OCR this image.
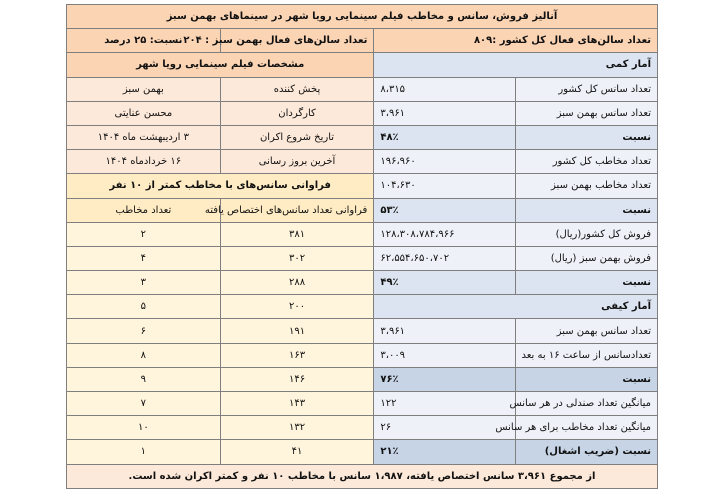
آنالیز فروش، سانس و مخاطب فیلم سینمایی رویا شهر در سینماهای بهمن سبز			
تعداد سالن‌های فعال کل کشور :۸۰۹		تعداد سالن‌های فعال بهمن سبز : ۲۰۴	نسبت: ۲۵ درصد
آمار کمی		مشخصات فیلم سینمایی رویا شهر	
تعداد سانس کل کشور	۸،۳۱۵	پخش کننده	بهمن سبز
تعداد سانس بهمن سبز	۳،۹۶۱	کارگردان	محسن عنایتی
نسبت	۴۸٪	تاریخ شروع اکران	۳ اردیبهشت ماه ۱۴۰۴
تعداد مخاطب کل کشور	۱۹۶،۹۶۰	آخرین بروز رسانی	۱۶ خردادماه ۱۴۰۴
تعداد مخاطب بهمن سبز	۱۰۴،۶۳۰	فراوانی سانس‌های با مخاطب کمتر از ۱۰ نفر	
نسبت	۵۳٪	فراوانی تعداد سانس‌های اختصاص یافته	تعداد مخاطب
فروش کل کشور(ریال)	۱۲۸،۳۰۸،۷۸۴،۹۶۶	۳۸۱	۲
فروش بهمن سبز (ریال)	۶۲،۵۵۴،۶۵۰،۷۰۲	۳۰۲	۴
نسبت	۴۹٪	۲۸۸	۳
آمار کیفی		۲۰۰	۵
تعداد سانس بهمن سبز	۳،۹۶۱	۱۹۱	۶
تعدادسانس از ساعت ۱۶ به بعد	۳،۰۰۹	۱۶۳	۸
نسبت	۷۶٪	۱۴۶	۹
میانگین تعداد صندلی در هر سانس	۱۲۲	۱۴۳	۷
میانگین تعداد مخاطب برای هر سانس	۲۶	۱۳۲	۱۰
نسبت (ضریب اشغال)	۲۱٪	۴۱	۱
از مجموع ۳،۹۶۱ سانس اختصاص یافته، ۱،۹۸۷ سانس با مخاطب ۱۰ نفر و کمتر اکران شده است.			
